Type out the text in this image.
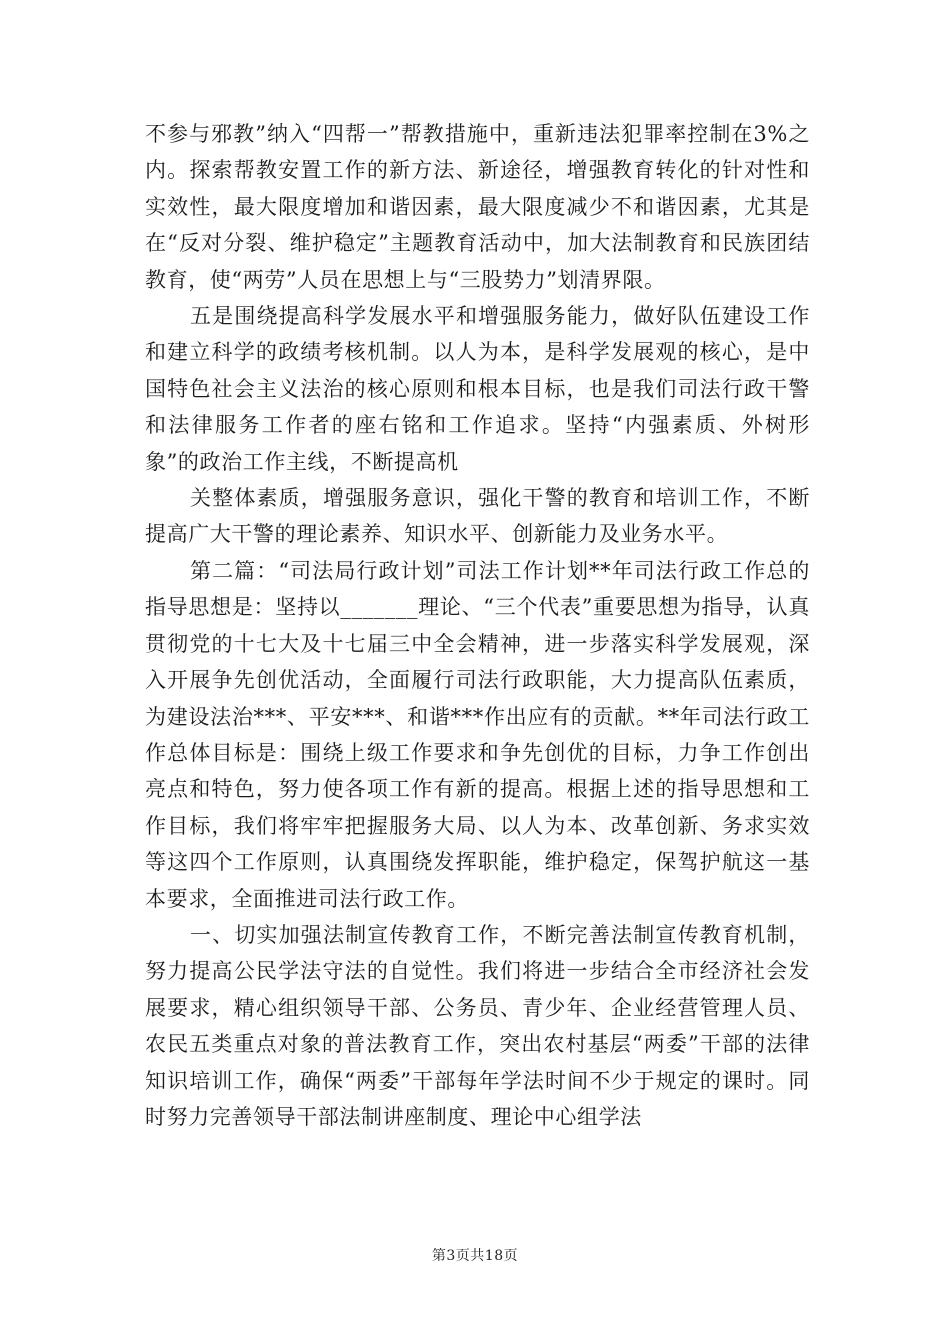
不参与邪教”纳入“四帮一”帮教措施中，重新违法犯罪率控制在3%之内。探索帮教安置工作的新方法、新途径，增强教育转化的针对性和实效性，最大限度增加和谐因素，最大限度减少不和谐因素，尤其是在“反对分裂、维护稳定”主题教育活动中，加大法制教育和民族团结教育，使“两劳”人员在思想上与“三股势力”划清界限。

五是围绕提高科学发展水平和增强服务能力，做好队伍建设工作和建立科学的政绩考核机制。以人为本，是科学发展观的核心，是中国特色社会主义法治的核心原则和根本目标，也是我们司法行政干警和法律服务工作者的座右铭和工作追求。坚持“内强素质、外树形象”的政治工作主线，不断提高机

关整体素质，增强服务意识，强化干警的教育和培训工作，不断提高广大干警的理论素养、知识水平、创新能力及业务水平。

第二篇：“司法局行政计划”司法工作计划**年司法行政工作总的指导思想是：坚持以_______理论、“三个代表”重要思想为指导，认真贯彻党的十七大及十七届三中全会精神，进一步落实科学发展观，深入开展争先创优活动，全面履行司法行政职能，大力提高队伍素质，为建设法治***、平安***、和谐***作出应有的贡献。**年司法行政工作总体目标是：围绕上级工作要求和争先创优的目标，力争工作创出亮点和特色，努力使各项工作有新的提高。根据上述的指导思想和工作目标，我们将牢牢把握服务大局、以人为本、改革创新、务求实效等这四个工作原则，认真围绕发挥职能，维护稳定，保驾护航这一基本要求，全面推进司法行政工作。

一、切实加强法制宣传教育工作，不断完善法制宣传教育机制，努力提高公民学法守法的自觉性。我们将进一步结合全市经济社会发展要求，精心组织领导干部、公务员、青少年、企业经营管理人员、农民五类重点对象的普法教育工作，突出农村基层“两委”干部的法律知识培训工作，确保“两委”干部每年学法时间不少于规定的课时。同时努力完善领导干部法制讲座制度、理论中心组学法

第3页共18页
